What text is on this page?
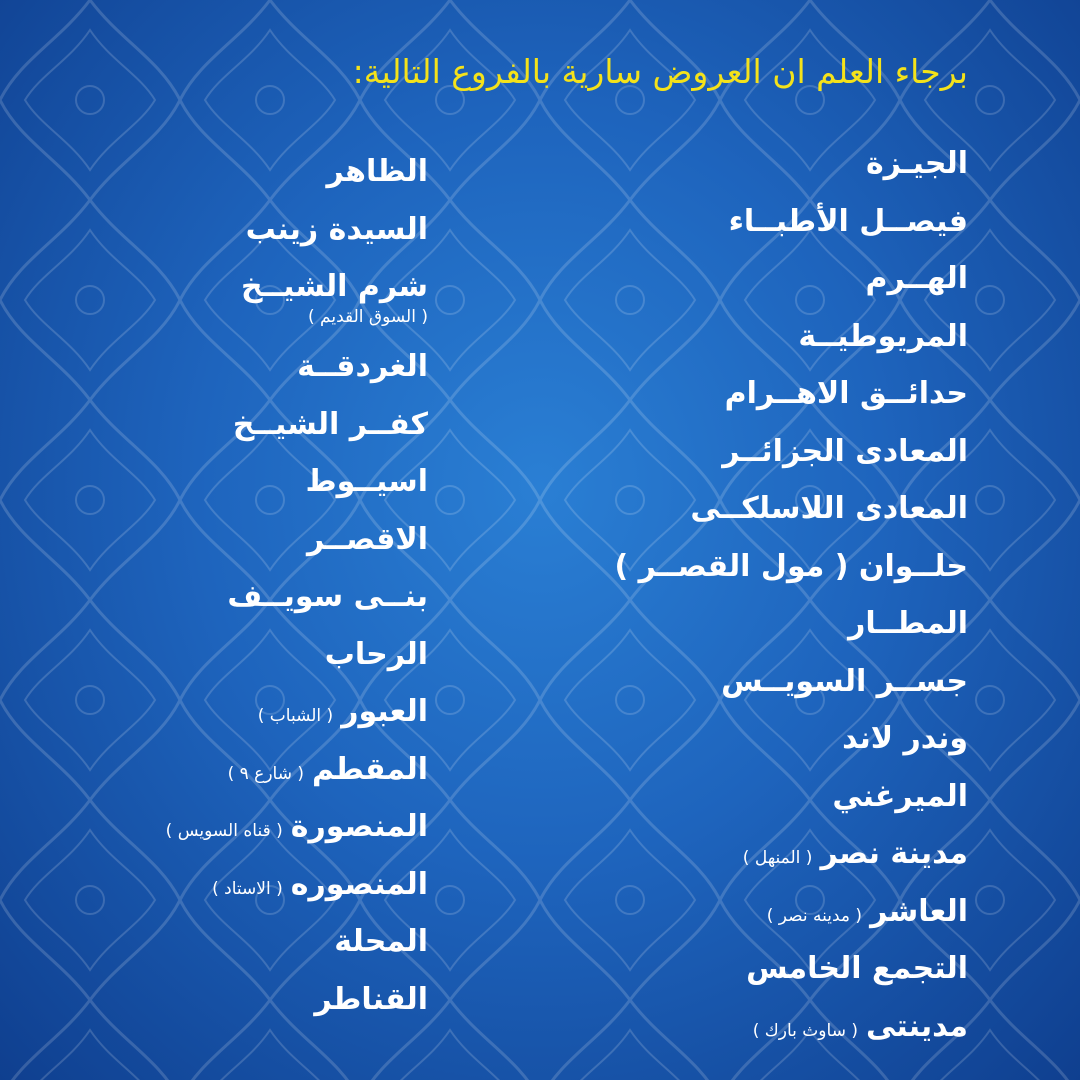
برجاء العلم ان العروض سارية بالفروع التالية:
الجيـزة
فيصــل الأطبــاء
الهــرم
المريوطيــة
حدائــق الاهــرام
المعادى الجزائــر
المعادى اللاسلكــى
حلــوان ( مول القصــر )
المطــار
جســر السويــس
وندر لاند
الميرغني
مدينة نصر( المنهل )
العاشر( مدينه نصر )
التجمع الخامس
مدينتى( ساوث بارك )
الظاهر
السيدة زينب
شرم الشيــخ
( السوق القديم )
الغردقــة
كفــر الشيــخ
اسيــوط
الاقصــر
بنــى سويــف
الرحاب
العبور( الشباب )
المقطم( شارع ٩ )
المنصورة( قناه السويس )
المنصوره( الاستاد )
المحلة
القناطر
